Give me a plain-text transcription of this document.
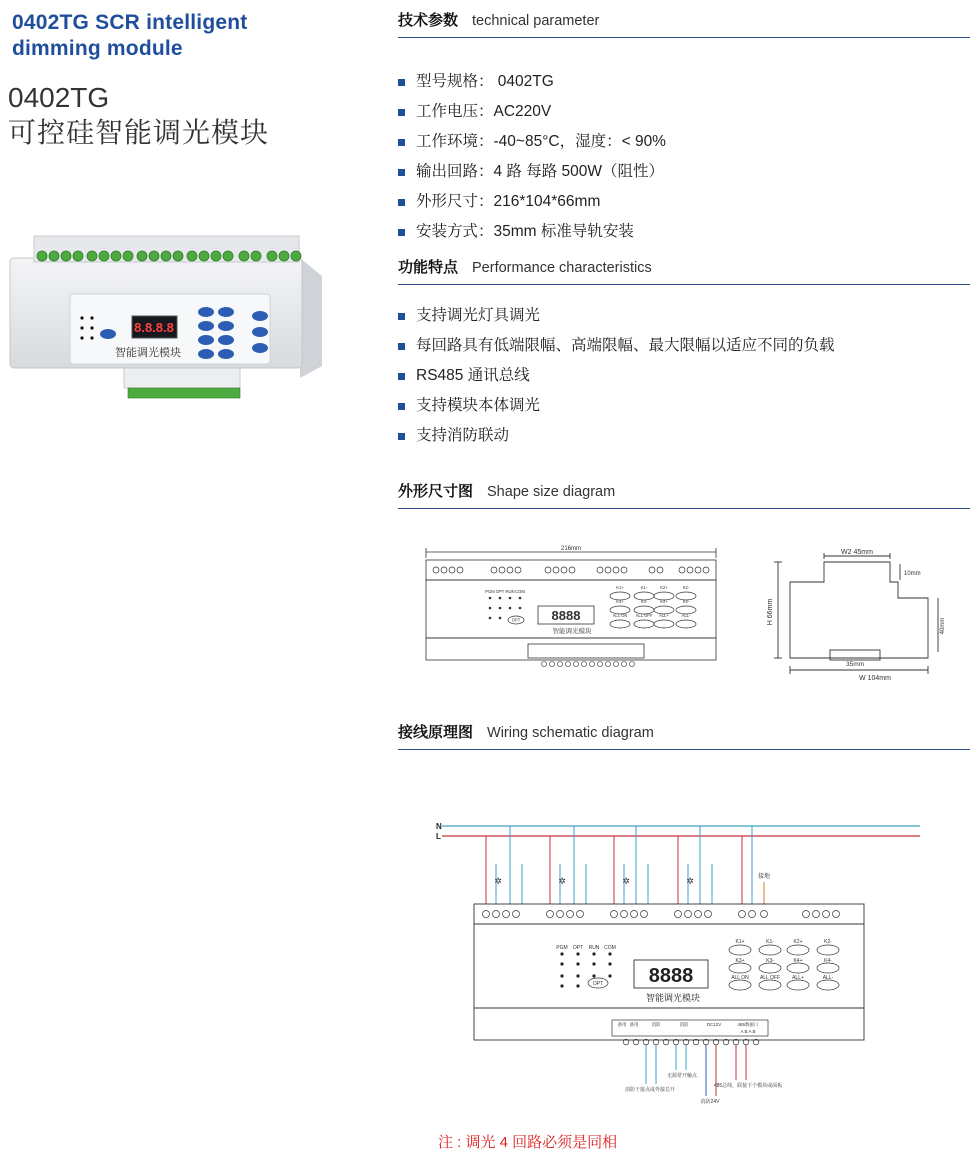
0402TG SCR intelligent
dimming module
0402TG
可控硅智能调光模块
8.8.8.8
智能调光模块
技术参数 technical parameter
型号规格： 0402TG
工作电压：AC220V
工作环境：-40~85°C，湿度：< 90%
输出回路：4 路 每路 500W（阻性）
外形尺寸：216*104*66mm
安装方式：35mm 标准导轨安装
功能特点 Performance characteristics
支持调光灯具调光
每回路具有低端限幅、高端限幅、最大限幅以适应不同的负载
RS485 通讯总线
支持模块本体调光
支持消防联动
外形尺寸图 Shape size diagram
216mm
K1+	K1-	K2+	K2-
K3+	K3-	K4+	K4-
ALL ON ALL OFF ALL+	ALL-
PGM OPT RUN COM
OPT 8888
智能调光模块
W2 45mm
10mm
H 66mm
40mm
35mm
W 104mm
接线原理图 Wiring schematic diagram
N
L
✲	✲	✲	✲	接地
K1+	K1-	K2+	K2-
K3+	K3-	K4+	K4-
ALL ON ALL OFF ALL+	ALL-
PGM OPT RUN COM
OPT 8888
智能调光模块
备用 备用	消防	消防	DC12V	485数据口
A B A B
消防干接点或外接总开
无源常开触点
消防24V
485总线，联接下个模块或面板
注 : 调光 4 回路必须是同相
